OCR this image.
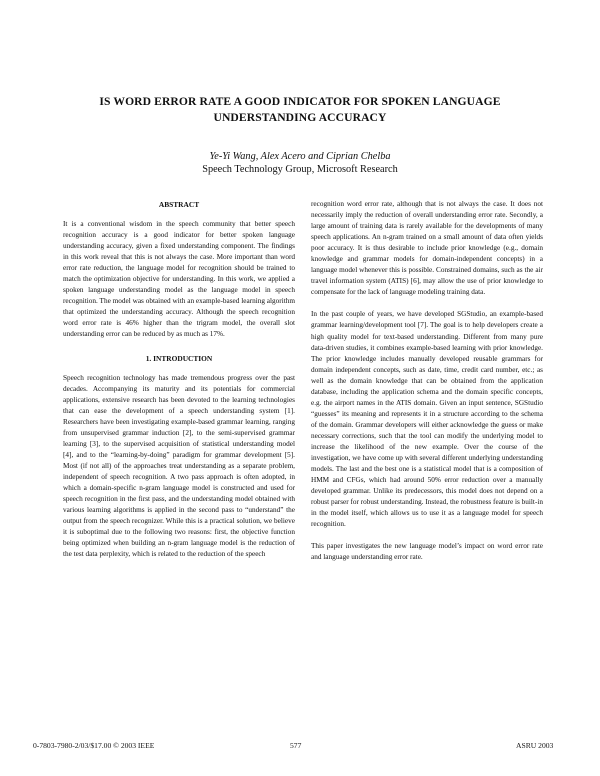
IS WORD ERROR RATE A GOOD INDICATOR FOR SPOKEN LANGUAGE UNDERSTANDING ACCURACY
Ye-Yi Wang, Alex Acero and Ciprian Chelba
Speech Technology Group, Microsoft Research
ABSTRACT

It is a conventional wisdom in the speech community that better speech recognition accuracy is a good indicator for better spoken language understanding accuracy, given a fixed understanding component. The findings in this work reveal that this is not always the case. More important than word error rate reduction, the language model for recognition should be trained to match the optimization objective for understanding. In this work, we applied a spoken language understanding model as the language model in speech recognition. The model was obtained with an example-based learning algorithm that optimized the understanding accuracy. Although the speech recognition word error rate is 46% higher than the trigram model, the overall slot understanding error can be reduced by as much as 17%.

1. INTRODUCTION

Speech recognition technology has made tremendous progress over the past decades. Accompanying its maturity and its potentials for commercial applications, extensive research has been devoted to the learning technologies that can ease the development of a speech understanding system [1]. Researchers have been investigating example-based grammar learning, ranging from unsupervised grammar induction [2], to the semi-supervised grammar learning [3], to the supervised acquisition of statistical understanding model [4], and to the “learning-by-doing” paradigm for grammar development [5]. Most (if not all) of the approaches treat understanding as a separate problem, independent of speech recognition. A two pass approach is often adopted, in which a domain-specific n-gram language model is constructed and used for speech recognition in the first pass, and the understanding model obtained with various learning algorithms is applied in the second pass to “understand” the output from the speech recognizer. While this is a practical solution, we believe it is suboptimal due to the following two reasons: first, the objective function being optimized when building an n-gram language model is the reduction of the test data perplexity, which is related to the reduction of the speech

recognition word error rate, although that is not always the case. It does not necessarily imply the reduction of overall understanding error rate. Secondly, a large amount of training data is rarely available for the developments of many speech applications. An n-gram trained on a small amount of data often yields poor accuracy. It is thus desirable to include prior knowledge (e.g., domain knowledge and grammar models for domain-independent concepts) in a language model whenever this is possible. Constrained domains, such as the air travel information system (ATIS) [6], may allow the use of prior knowledge to compensate for the lack of language modeling training data.

In the past couple of years, we have developed SGStudio, an example-based grammar learning/development tool [7]. The goal is to help developers create a high quality model for text-based understanding. Different from many pure data-driven studies, it combines example-based learning with prior knowledge. The prior knowledge includes manually developed reusable grammars for domain independent concepts, such as date, time, credit card number, etc.; as well as the domain knowledge that can be obtained from the application database, including the application schema and the domain specific concepts, e.g. the airport names in the ATIS domain. Given an input sentence, SGStudio “guesses” its meaning and represents it in a structure according to the schema of the domain. Grammar developers will either acknowledge the guess or make necessary corrections, such that the tool can modify the underlying model to increase the likelihood of the new example. Over the course of the investigation, we have come up with several different underlying understanding models. The last and the best one is a statistical model that is a composition of HMM and CFGs, which had around 50% error reduction over a manually developed grammar. Unlike its predecessors, this model does not depend on a robust parser for robust understanding. Instead, the robustness feature is built-in in the model itself, which allows us to use it as a language model for speech recognition.

This paper investigates the new language model’s impact on word error rate and language understanding error rate.

0-7803-7980-2/03/$17.00 © 2003 IEEE	577	ASRU 2003
